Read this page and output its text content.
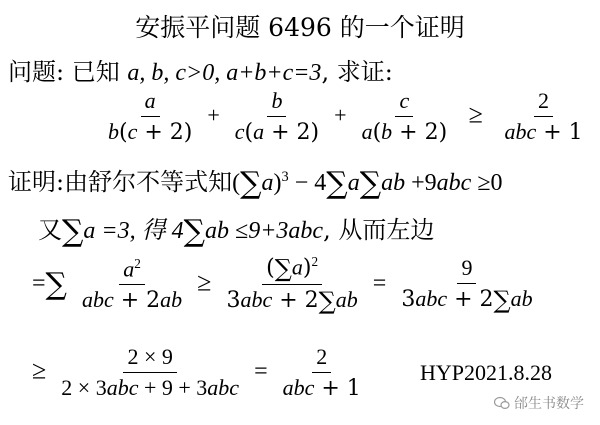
安振平问题 6496 的一个证明
问题: 已知 a, b, c>0, a+b+c=3, 求证:
$\frac{a}{b(c + 2)} + \frac{b}{c(a + 2)} + \frac{c}{a(b + 2)} \ge \frac{2}{\text{abc + 1}}$
证明:由舒尔不等式知$(\sum a)^3 - 4\sum a\sum ab +9abc \ge 0$
又∑a =3, 得 4∑ab ≤9+3abc, 从而左边
=∑ $\frac{a^2}{\text{abc + 2ab}} \ge \frac{(\sum a)^2}{\text{3abc + 2∑ab}} = \frac{9}{\text{3abc + 2∑ab}}$
≥ $\frac{2 \times 9}{\text{2 × 3abc + 9 + 3abc}} = \frac{2}{\text{abc + 1}}$	HYP2021.8.28
邰生书数学
